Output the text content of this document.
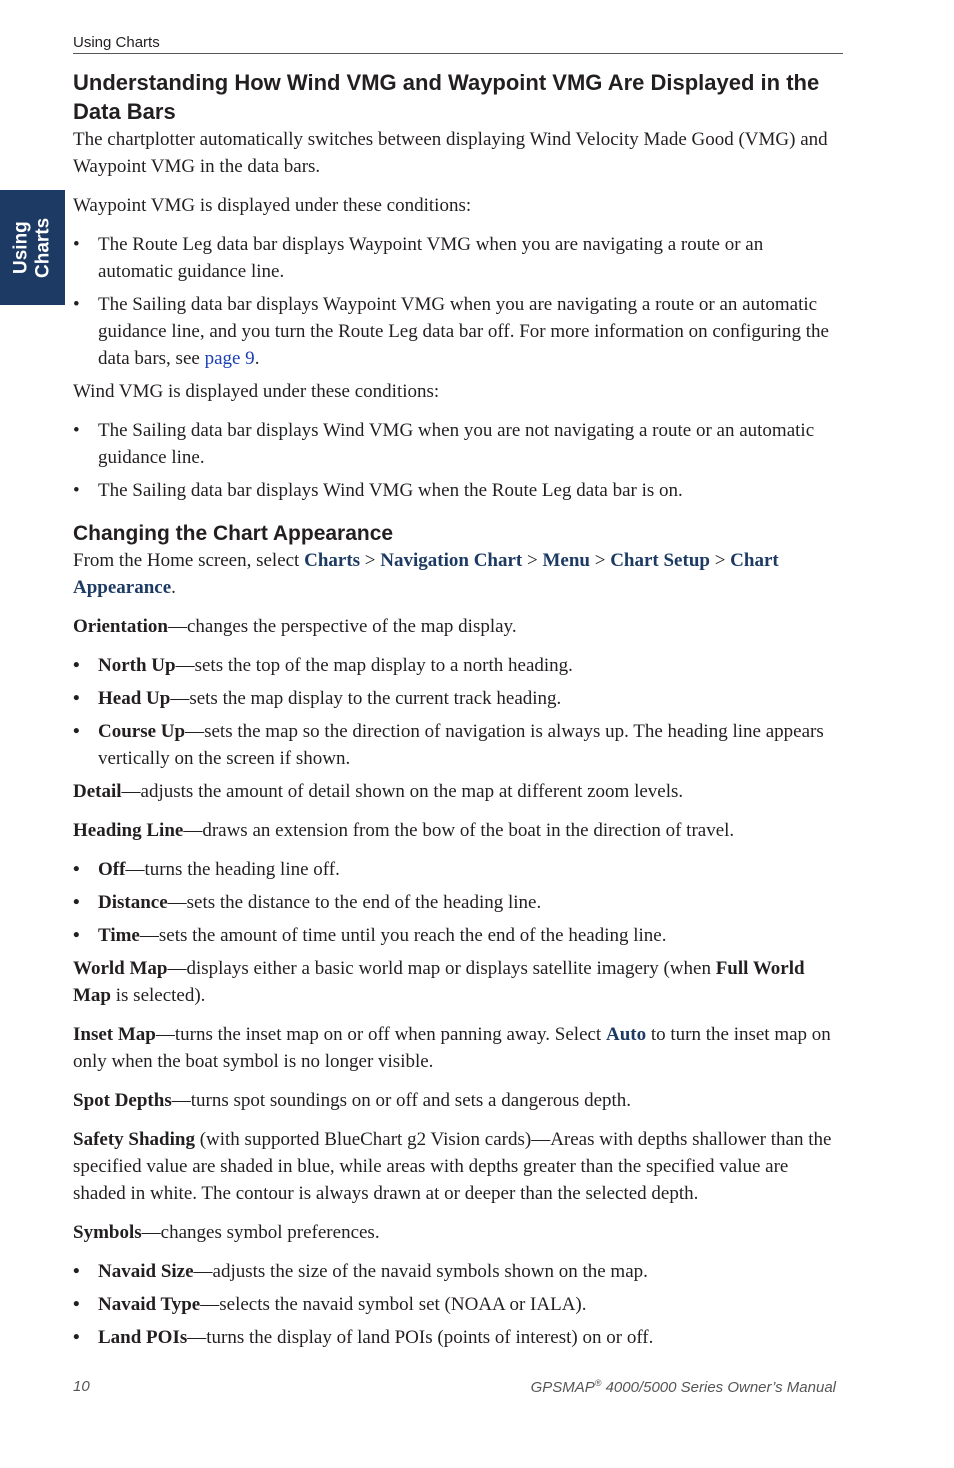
Using Charts
Using Charts
Understanding How Wind VMG and Waypoint VMG Are Displayed in the Data Bars

The chartplotter automatically switches between displaying Wind Velocity Made Good (VMG) and Waypoint VMG in the data bars.

Waypoint VMG is displayed under these conditions:

• The Route Leg data bar displays Waypoint VMG when you are navigating a route or an automatic guidance line.
• The Sailing data bar displays Waypoint VMG when you are navigating a route or an automatic guidance line, and you turn the Route Leg data bar off. For more information on configuring the data bars, see page 9.

Wind VMG is displayed under these conditions:

• The Sailing data bar displays Wind VMG when you are not navigating a route or an automatic guidance line.
• The Sailing data bar displays Wind VMG when the Route Leg data bar is on.
Changing the Chart Appearance

From the Home screen, select Charts > Navigation Chart > Menu > Chart Setup > Chart Appearance.

Orientation—changes the perspective of the map display.

• North Up—sets the top of the map display to a north heading.
• Head Up—sets the map display to the current track heading.
• Course Up—sets the map so the direction of navigation is always up. The heading line appears vertically on the screen if shown.

Detail—adjusts the amount of detail shown on the map at different zoom levels.

Heading Line—draws an extension from the bow of the boat in the direction of travel.

• Off—turns the heading line off.
• Distance—sets the distance to the end of the heading line.
• Time—sets the amount of time until you reach the end of the heading line.

World Map—displays either a basic world map or displays satellite imagery (when Full World Map is selected).

Inset Map—turns the inset map on or off when panning away. Select Auto to turn the inset map on only when the boat symbol is no longer visible.

Spot Depths—turns spot soundings on or off and sets a dangerous depth.

Safety Shading (with supported BlueChart g2 Vision cards)—Areas with depths shallower than the specified value are shaded in blue, while areas with depths greater than the specified value are shaded in white. The contour is always drawn at or deeper than the selected depth.

Symbols—changes symbol preferences.

• Navaid Size—adjusts the size of the navaid symbols shown on the map.
• Navaid Type—selects the navaid symbol set (NOAA or IALA).
• Land POIs—turns the display of land POIs (points of interest) on or off.
10	GPSMAP® 4000/5000 Series Owner’s Manual
